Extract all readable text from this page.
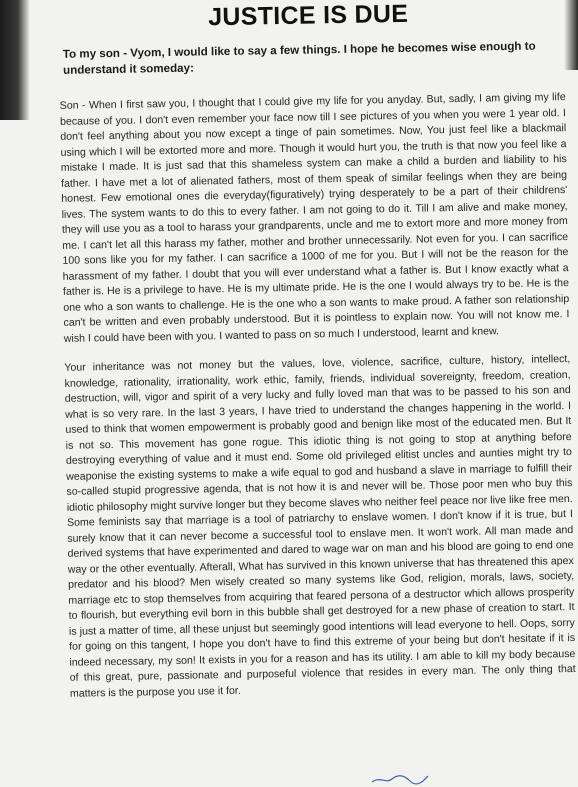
JUSTICE IS DUE

To my son - Vyom, I would like to say a few things. I hope he becomes wise enough to understand it someday:

Son - When I first saw you, I thought that I could give my life for you anyday. But, sadly, I am giving my life because of you. I don't even remember your face now till I see pictures of you when you were 1 year old. I don't feel anything about you now except a tinge of pain sometimes. Now, You just feel like a blackmail using which I will be extorted more and more. Though it would hurt you, the truth is that now you feel like a mistake I made. It is just sad that this shameless system can make a child a burden and liability to his father. I have met a lot of alienated fathers, most of them speak of similar feelings when they are being honest. Few emotional ones die everyday(figuratively) trying desperately to be a part of their childrens' lives. The system wants to do this to every father. I am not going to do it. Till I am alive and make money, they will use you as a tool to harass your grandparents, uncle and me to extort more and more money from me. I can't let all this harass my father, mother and brother unnecessarily. Not even for you. I can sacrifice 100 sons like you for my father. I can sacrifice a 1000 of me for you. But I will not be the reason for the harassment of my father. I doubt that you will ever understand what a father is. But I know exactly what a father is. He is a privilege to have. He is my ultimate pride. He is the one I would always try to be. He is the one who a son wants to challenge. He is the one who a son wants to make proud. A father son relationship can't be written and even probably understood. But it is pointless to explain now. You will not know me. I wish I could have been with you. I wanted to pass on so much I understood, learnt and knew.

Your inheritance was not money but the values, love, violence, sacrifice, culture, history, intellect, knowledge, rationality, irrationality, work ethic, family, friends, individual sovereignty, freedom, creation, destruction, will, vigor and spirit of a very lucky and fully loved man that was to be passed to his son and what is so very rare. In the last 3 years, I have tried to understand the changes happening in the world. I used to think that women empowerment is probably good and benign like most of the educated men. But It is not so. This movement has gone rogue. This idiotic thing is not going to stop at anything before destroying everything of value and it must end. Some old privileged elitist uncles and aunties might try to weaponise the existing systems to make a wife equal to god and husband a slave in marriage to fulfill their so-called stupid progressive agenda, that is not how it is and never will be. Those poor men who buy this idiotic philosophy might survive longer but they become slaves who neither feel peace nor live like free men. Some feminists say that marriage is a tool of patriarchy to enslave women. I don't know if it is true, but I surely know that it can never become a successful tool to enslave men. It won't work. All man made and derived systems that have experimented and dared to wage war on man and his blood are going to end one way or the other eventually. Afterall, What has survived in this known universe that has threatened this apex predator and his blood? Men wisely created so many systems like God, religion, morals, laws, society, marriage etc to stop themselves from acquiring that feared persona of a destructor which allows prosperity to flourish, but everything evil born in this bubble shall get destroyed for a new phase of creation to start. It is just a matter of time, all these unjust but seemingly good intentions will lead everyone to hell. Oops, sorry for going on this tangent, I hope you don't have to find this extreme of your being but don't hesitate if it is indeed necessary, my son! It exists in you for a reason and has its utility. I am able to kill my body because of this great, pure, passionate and purposeful violence that resides in every man. The only thing that matters is the purpose you use it for.
